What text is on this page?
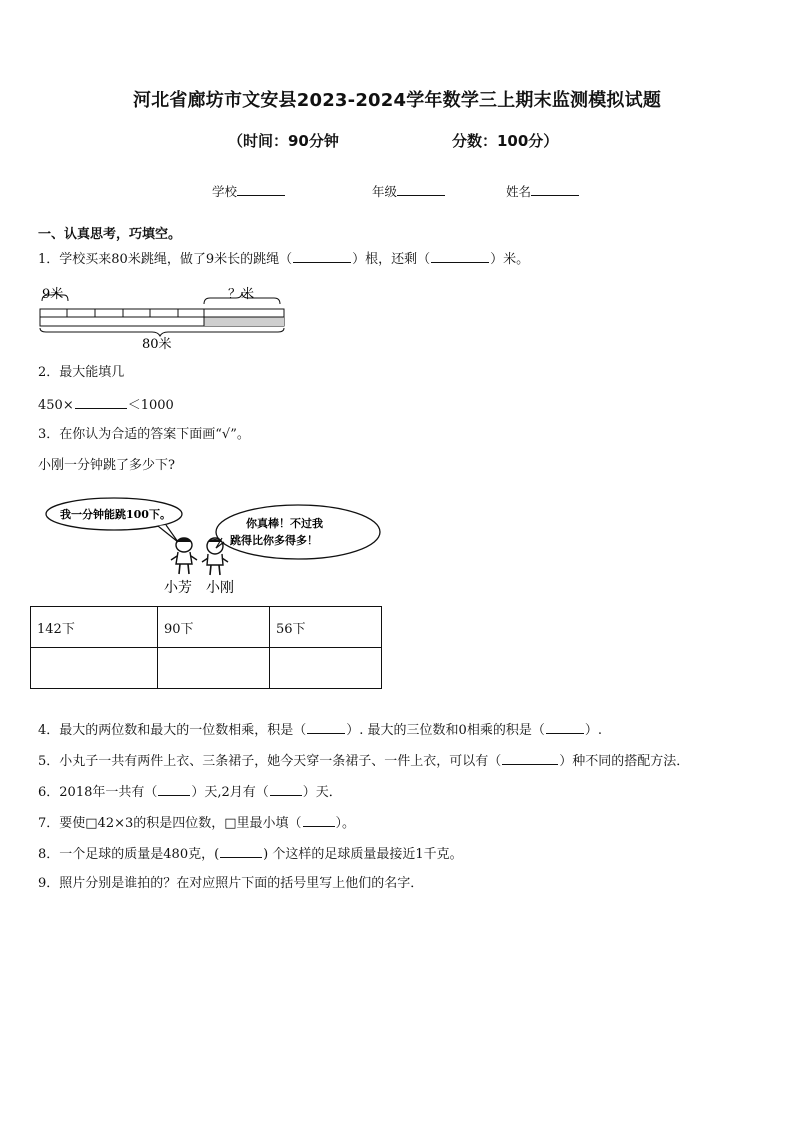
河北省廊坊市文安县2023-2024学年数学三上期末监测模拟试题
（时间：90分钟	分数：100分）
学校	年级	姓名
一、认真思考，巧填空。
1．学校买来80米跳绳，做了9米长的跳绳（	）根，还剩（	）米。
9米	？米
80米
2．最大能填几
450×	＜1000
3．在你认为合适的答案下面画“√”。
小刚一分钟跳了多少下?
我一分钟能跳100下。
你真棒！不过我
跳得比你多得多！
小芳 小刚
142下	90下	56下

4．最大的两位数和最大的一位数相乘，积是（	）. 最大的三位数和0相乘的积是（	）.
5．小丸子一共有两件上衣、三条裙子，她今天穿一条裙子、一件上衣，可以有（	）种不同的搭配方法．
6．2018年一共有（	）天,2月有（	）天．
7．要使□42×3的积是四位数，□里最小填（	）。
8．一个足球的质量是480克，(	) 个这样的足球质量最接近1千克。
9．照片分别是谁拍的？在对应照片下面的括号里写上他们的名字．
